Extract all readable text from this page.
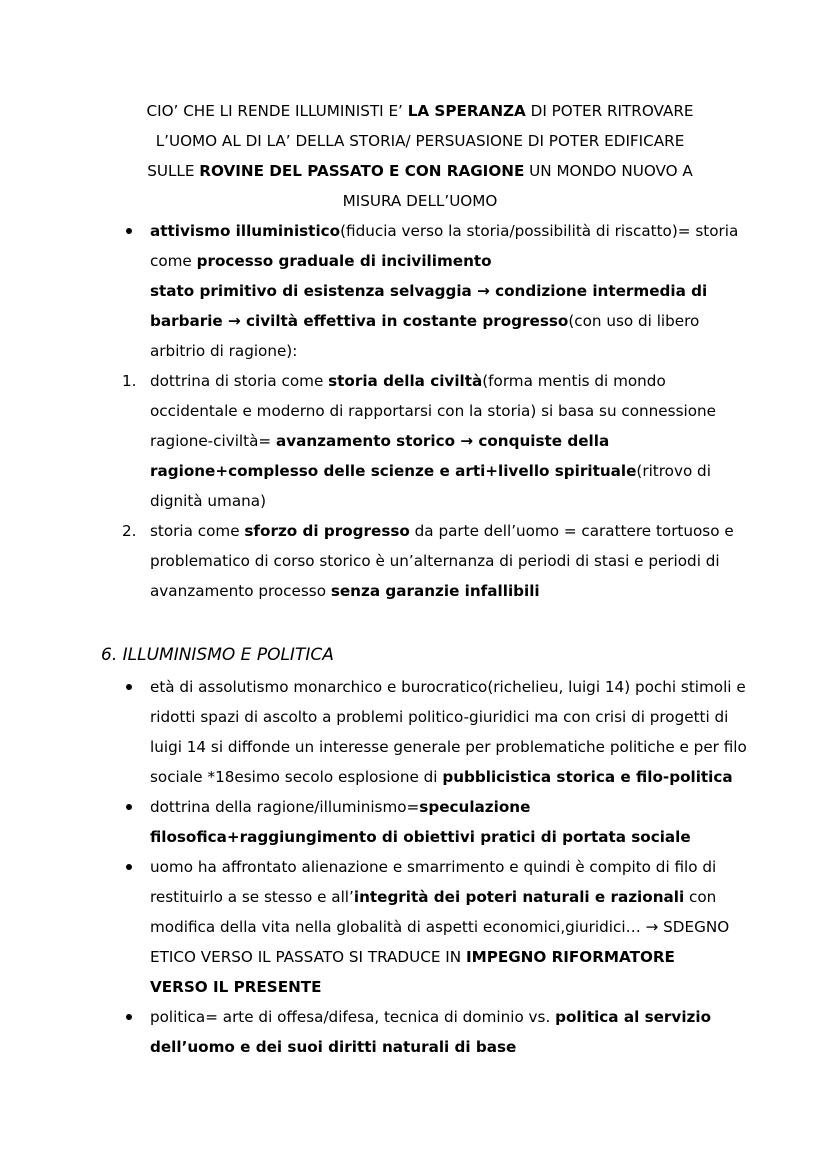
CIO’ CHE LI RENDE ILLUMINISTI E’ LA SPERANZA DI POTER RITROVARE
L’UOMO AL DI LA’ DELLA STORIA/ PERSUASIONE DI POTER EDIFICARE
SULLE ROVINE DEL PASSATO E CON RAGIONE UN MONDO NUOVO A
MISURA DELL’UOMO
attivismo illuministico(fiducia verso la storia/possibilità di riscatto)= storia
come processo graduale di incivilimento
stato primitivo di esistenza selvaggia → condizione intermedia di
barbarie → civiltà effettiva in costante progresso(con uso di libero
arbitrio di ragione):
1. dottrina di storia come storia della civiltà(forma mentis di mondo
occidentale e moderno di rapportarsi con la storia) si basa su connessione
ragione-civiltà= avanzamento storico → conquiste della
ragione+complesso delle scienze e arti+livello spirituale(ritrovo di
dignità umana)
2. storia come sforzo di progresso da parte dell’uomo = carattere tortuoso e
problematico di corso storico è un’alternanza di periodi di stasi e periodi di
avanzamento processo senza garanzie infallibili
6. ILLUMINISMO E POLITICA
età di assolutismo monarchico e burocratico(richelieu, luigi 14) pochi stimoli e
ridotti spazi di ascolto a problemi politico-giuridici ma con crisi di progetti di
luigi 14 si diffonde un interesse generale per problematiche politiche e per filo
sociale *18esimo secolo esplosione di pubblicistica storica e filo-politica
dottrina della ragione/illuminismo=speculazione
filosofica+raggiungimento di obiettivi pratici di portata sociale
uomo ha affrontato alienazione e smarrimento e quindi è compito di filo di
restituirlo a se stesso e all’integrità dei poteri naturali e razionali con
modifica della vita nella globalità di aspetti economici,giuridici… → SDEGNO
ETICO VERSO IL PASSATO SI TRADUCE IN IMPEGNO RIFORMATORE
VERSO IL PRESENTE
politica= arte di offesa/difesa, tecnica di dominio vs. politica al servizio
dell’uomo e dei suoi diritti naturali di base
